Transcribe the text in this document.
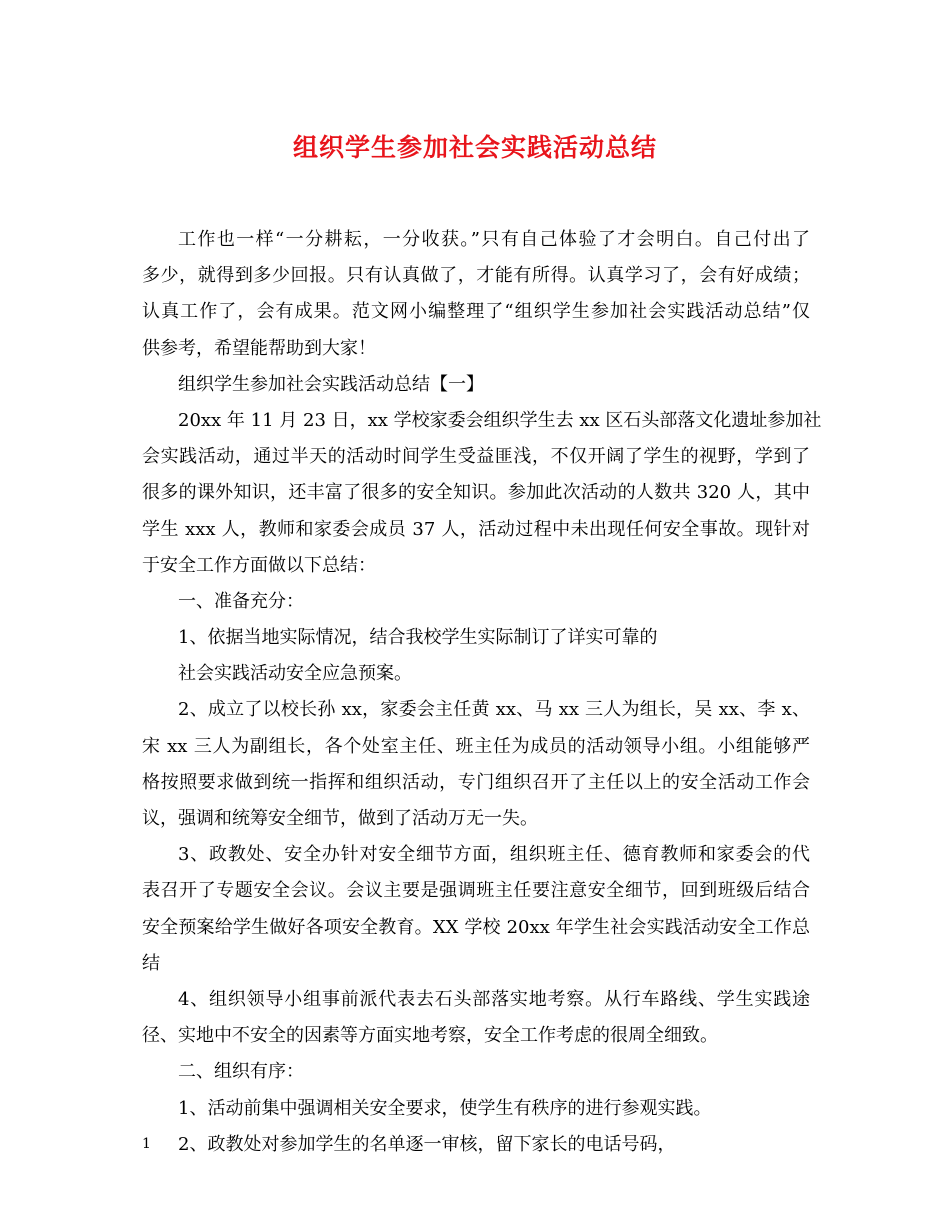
组织学生参加社会实践活动总结

工作也一样“一分耕耘，一分收获。”只有自己体验了才会明白。自己付出了

多少，就得到多少回报。只有认真做了，才能有所得。认真学习了，会有好成绩；

认真工作了，会有成果。范文网小编整理了“组织学生参加社会实践活动总结”仅

供参考，希望能帮助到大家！

组织学生参加社会实践活动总结【一】

20xx 年 11 月 23 日，xx 学校家委会组织学生去 xx 区石头部落文化遗址参加社

会实践活动，通过半天的活动时间学生受益匪浅，不仅开阔了学生的视野，学到了

很多的课外知识，还丰富了很多的安全知识。参加此次活动的人数共 320 人，其中

学生 xxx 人，教师和家委会成员 37 人，活动过程中未出现任何安全事故。现针对

于安全工作方面做以下总结：

一、准备充分：

1、依据当地实际情况，结合我校学生实际制订了详实可靠的

社会实践活动安全应急预案。

2、成立了以校长孙 xx，家委会主任黄 xx、马 xx 三人为组长，吴 xx、李 x、

宋 xx 三人为副组长，各个处室主任、班主任为成员的活动领导小组。小组能够严

格按照要求做到统一指挥和组织活动，专门组织召开了主任以上的安全活动工作会

议，强调和统筹安全细节，做到了活动万无一失。

3、政教处、安全办针对安全细节方面，组织班主任、德育教师和家委会的代

表召开了专题安全会议。会议主要是强调班主任要注意安全细节，回到班级后结合

安全预案给学生做好各项安全教育。XX 学校 20xx 年学生社会实践活动安全工作总

结

4、组织领导小组事前派代表去石头部落实地考察。从行车路线、学生实践途

径、实地中不安全的因素等方面实地考察，安全工作考虑的很周全细致。

二、组织有序：

1、活动前集中强调相关安全要求，使学生有秩序的进行参观实践。

2、政教处对参加学生的名单逐一审核，留下家长的电话号码，

1
